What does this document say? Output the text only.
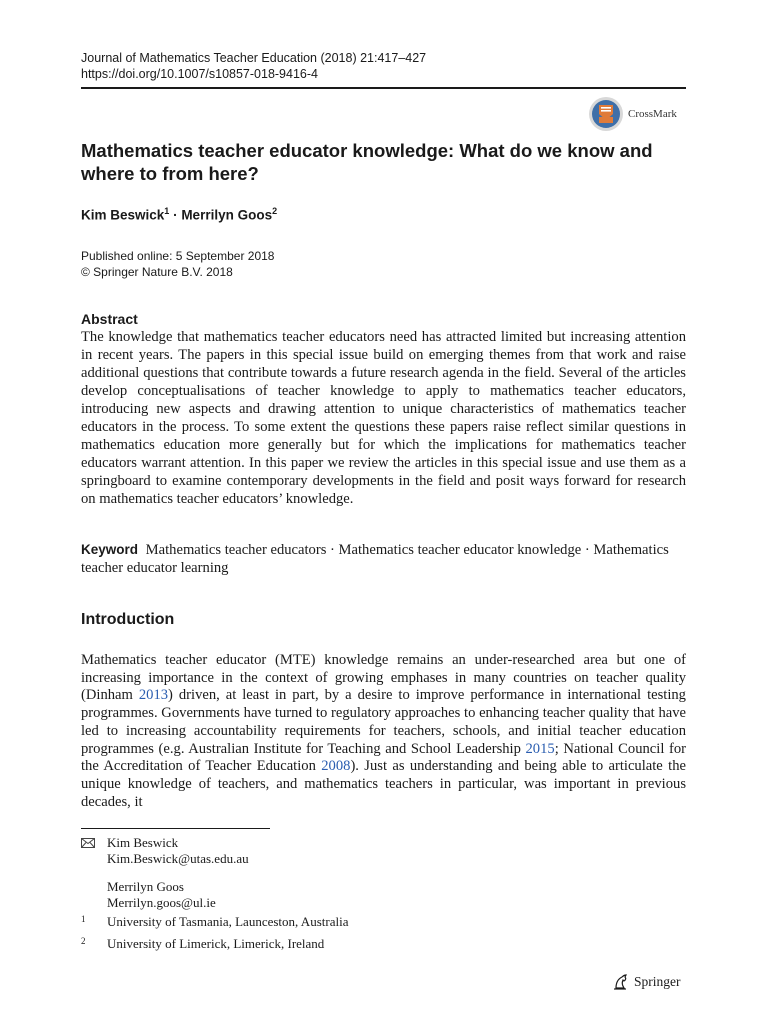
Journal of Mathematics Teacher Education (2018) 21:417–427
https://doi.org/10.1007/s10857-018-9416-4
CrossMark
Mathematics teacher educator knowledge: What do we know and where to from here?
Kim Beswick$^1$ · Merrilyn Goos$^2$
Published online: 5 September 2018
© Springer Nature B.V. 2018
Abstract

The knowledge that mathematics teacher educators need has attracted limited but increasing attention in recent years. The papers in this special issue build on emerging themes from that work and raise additional questions that contribute towards a future research agenda in the field. Several of the articles develop conceptualisations of teacher knowledge to apply to mathematics teacher educators, introducing new aspects and drawing attention to unique characteristics of mathematics teacher educators in the process. To some extent the questions these papers raise reflect similar questions in mathematics education more generally but for which the implications for mathematics teacher educators warrant attention. In this paper we review the articles in this special issue and use them as a springboard to examine contemporary developments in the field and posit ways forward for research on mathematics teacher educators’ knowledge.

Keyword Mathematics teacher educators · Mathematics teacher educator knowledge · Mathematics teacher educator learning
Introduction

Mathematics teacher educator (MTE) knowledge remains an under-researched area but one of increasing importance in the context of growing emphases in many countries on teacher quality (Dinham 2013) driven, at least in part, by a desire to improve performance in international testing programmes. Governments have turned to regulatory approaches to enhancing teacher quality that have led to increasing accountability requirements for teachers, schools, and initial teacher education programmes (e.g. Australian Institute for Teaching and School Leadership 2015; National Council for the Accreditation of Teacher Education 2008). Just as understanding and being able to articulate the unique knowledge of teachers, and mathematics teachers in particular, was important in previous decades, it

Kim Beswick
Kim.Beswick@utas.edu.au
Merrilyn Goos
Merrilyn.goos@ul.ie
1 University of Tasmania, Launceston, Australia
2 University of Limerick, Limerick, Ireland
Springer
